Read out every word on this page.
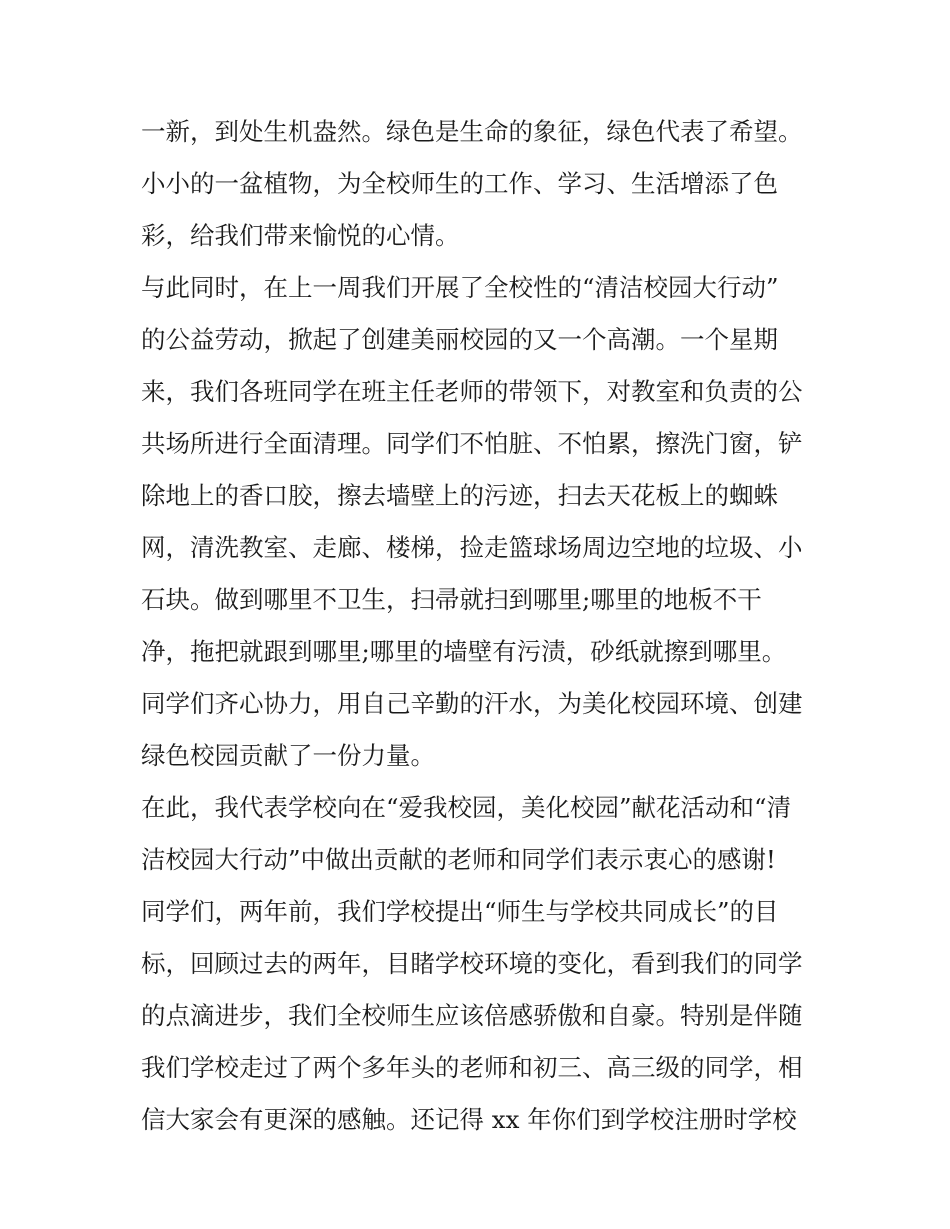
一新，到处生机盎然。绿色是生命的象征，绿色代表了希望。
小小的一盆植物，为全校师生的工作、学习、生活增添了色
彩，给我们带来愉悦的心情。
与此同时，在上一周我们开展了全校性的“清洁校园大行动”
的公益劳动，掀起了创建美丽校园的又一个高潮。一个星期
来，我们各班同学在班主任老师的带领下，对教室和负责的公
共场所进行全面清理。同学们不怕脏、不怕累，擦洗门窗，铲
除地上的香口胶，擦去墙壁上的污迹，扫去天花板上的蜘蛛
网，清洗教室、走廊、楼梯，捡走篮球场周边空地的垃圾、小
石块。做到哪里不卫生，扫帚就扫到哪里;哪里的地板不干
净，拖把就跟到哪里;哪里的墙壁有污渍，砂纸就擦到哪里。
同学们齐心协力，用自己辛勤的汗水，为美化校园环境、创建
绿色校园贡献了一份力量。
在此，我代表学校向在“爱我校园，美化校园”献花活动和“清
洁校园大行动”中做出贡献的老师和同学们表示衷心的感谢!
同学们，两年前，我们学校提出“师生与学校共同成长”的目
标，回顾过去的两年，目睹学校环境的变化，看到我们的同学
的点滴进步，我们全校师生应该倍感骄傲和自豪。特别是伴随
我们学校走过了两个多年头的老师和初三、高三级的同学，相
信大家会有更深的感触。还记得 xx 年你们到学校注册时学校
